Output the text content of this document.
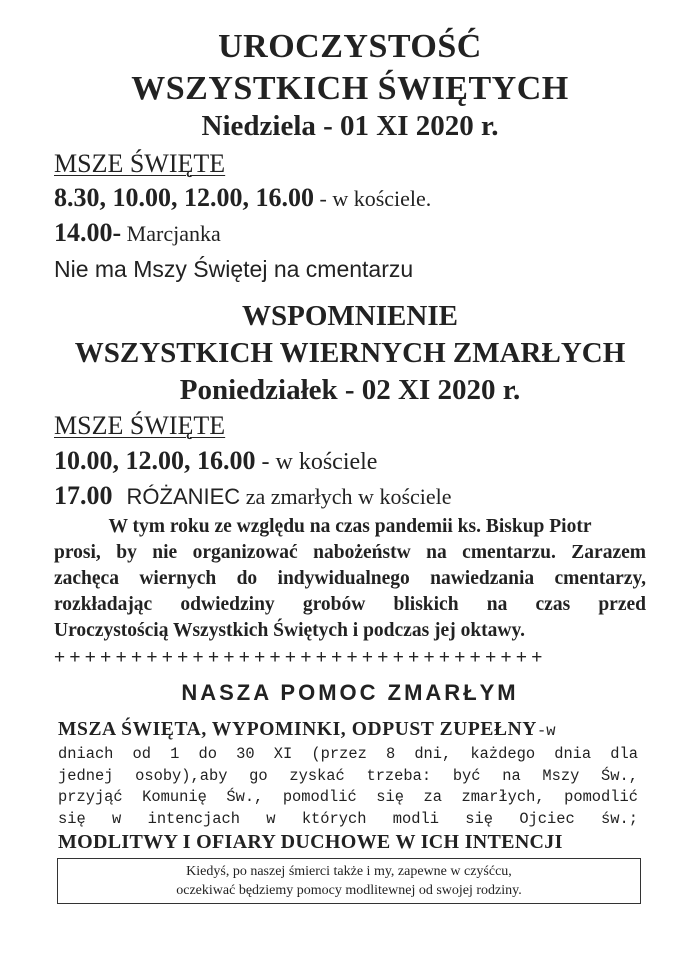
UROCZYSTOŚĆ
WSZYSTKICH ŚWIĘTYCH
Niedziela - 01 XI 2020 r.
MSZE ŚWIĘTE
8.30, 10.00, 12.00, 16.00 - w kościele.
14.00- Marcjanka
Nie ma Mszy Świętej na cmentarzu
WSPOMNIENIE
WSZYSTKICH WIERNYCH ZMARŁYCH
Poniedziałek - 02 XI 2020 r.
MSZE ŚWIĘTE
10.00, 12.00, 16.00 - w kościele
17.00 RÓŻANIEC za zmarłych w kościele
W tym roku ze względu na czas pandemii ks. Biskup Piotr
prosi, by nie organizować nabożeństw na cmentarzu. Zarazem
zachęca wiernych do indywidualnego nawiedzania cmentarzy,
rozkładając odwiedziny grobów bliskich na czas przed
Uroczystością Wszystkich Świętych i podczas jej oktawy.
++++++++++++++++++++++++++++++++
NASZA POMOC ZMARŁYM
MSZA ŚWIĘTA, WYPOMINKI, ODPUST ZUPEŁNY-w
dniach od 1 do 30 XI (przez 8 dni, każdego dnia dla
jednej osoby),aby go zyskać trzeba: być na Mszy Św.,
przyjąć Komunię Św., pomodlić się za zmarłych, pomodlić
się w intencjach w których modli się Ojciec św.;
MODLITWY I OFIARY DUCHOWE W ICH INTENCJI
Kiedyś, po naszej śmierci także i my, zapewne w czyśćcu,
oczekiwać będziemy pomocy modlitewnej od swojej rodziny.
